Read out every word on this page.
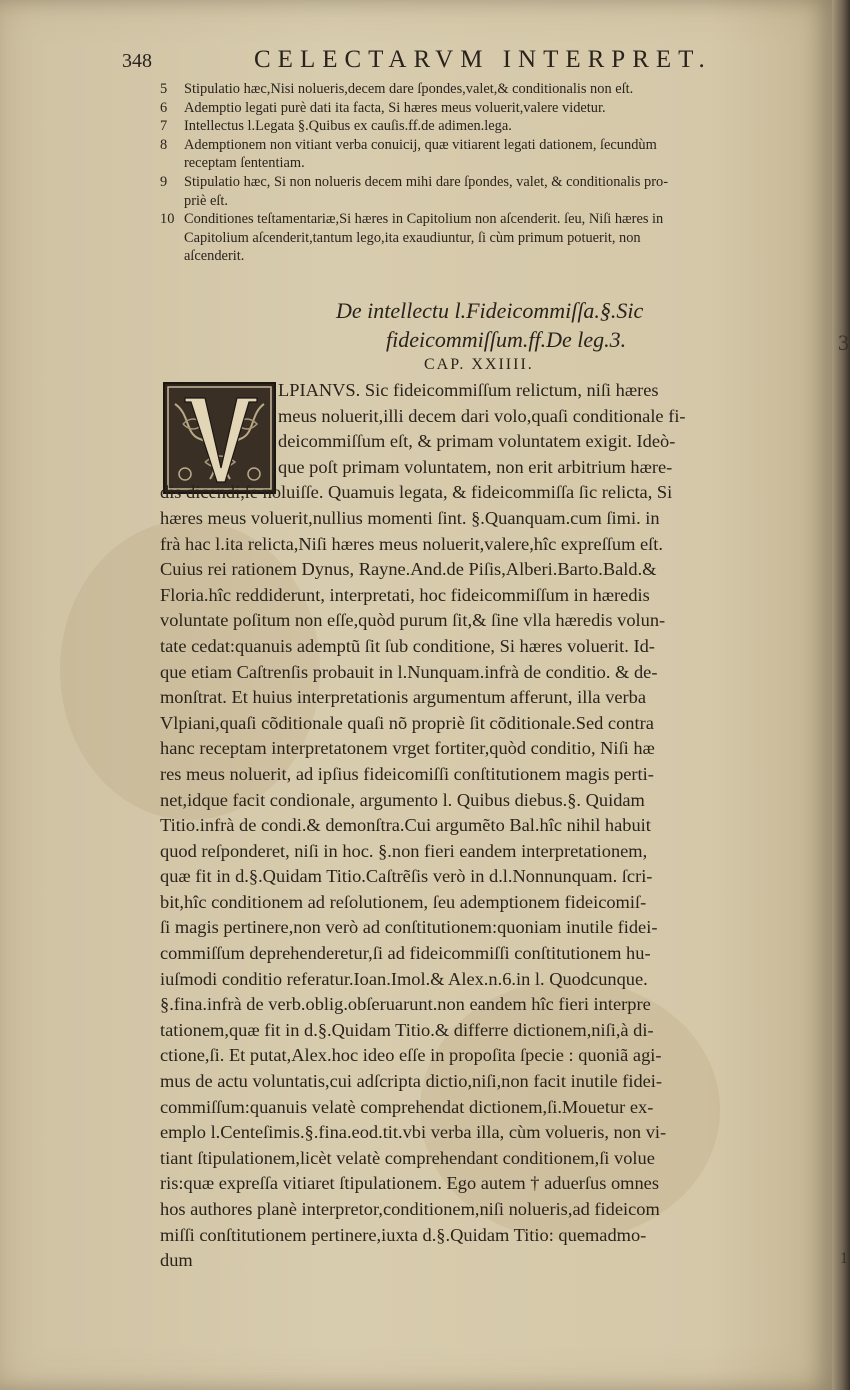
348	CELECTARVM INTERPRET.

5 Stipulatio hæc,Nisi nolueris,decem dare ſpondes,valet,& conditionalis non eſt.

6 Ademptio legati purè dati ita facta, Si hæres meus voluerit,valere videtur.

7 Intellectus l.Legata §.Quibus ex cauſis.ff.de adimen.lega.

8 Ademptionem non vitiant verba conuicij, quæ vitiarent legati dationem, ſecundùm
receptam ſententiam.

9 Stipulatio hæc, Si non nolueris decem mihi dare ſpondes, valet, & conditionalis pro-
priè eſt.

10 Conditiones teſtamentariæ,Si hæres in Capitolium non aſcenderit. ſeu, Niſi hæres in
Capitolium aſcenderit,tantum lego,ita exaudiuntur, ſi cùm primum potuerit, non
aſcenderit.

De intellectu l.Fideicommiſſa.§.Sic
fideicommiſſum.ff.De leg.3.
CAP. XXIIII.
LPIANVS. Sic fideicommiſſum relictum, niſi hæres
meus noluerit,illi decem dari volo,quaſi conditionale fi-
deicommiſſum eſt, & primam voluntatem exigit. Ideò-
que poſt primam voluntatem, non erit arbitrium hære-
dis dicendi,ſe noluiſſe. Quamuis legata, & fideicommiſſa ſic relicta, Si
hæres meus voluerit,nullius momenti ſint. §.Quanquam.cum ſimi. in
frà hac l.ita relicta,Niſi hæres meus noluerit,valere,hîc expreſſum eſt.
Cuius rei rationem Dynus, Rayne.And.de Piſis,Alberi.Barto.Bald.&
Floria.hîc reddiderunt, interpretati, hoc fideicommiſſum in hæredis
voluntate poſitum non eſſe,quòd purum ſit,& ſine vlla hæredis volun-
tate cedat:quanuis ademptũ ſit ſub conditione, Si hæres voluerit. Id-
que etiam Caſtrenſis probauit in l.Nunquam.infrà de conditio. & de-
monſtrat. Et huius interpretationis argumentum afferunt, illa verba
Vlpiani,quaſi cõditionale quaſi nõ propriè ſit cõditionale.Sed contra
hanc receptam interpretatonem vrget fortiter,quòd conditio, Niſi hæ
res meus noluerit, ad ipſius fideicomiſſi conſtitutionem magis perti-
net,idque facit condionale, argumento l. Quibus diebus.§. Quidam
Titio.infrà de condi.& demonſtra.Cui argumẽto Bal.hîc nihil habuit
quod reſponderet, niſi in hoc. §.non fieri eandem interpretationem,
quæ fit in d.§.Quidam Titio.Caſtrẽſis verò in d.l.Nonnunquam. ſcri-
bit,hîc conditionem ad reſolutionem, ſeu ademptionem fideicomiſ-
ſi magis pertinere,non verò ad conſtitutionem:quoniam inutile fidei-
commiſſum deprehenderetur,ſi ad fideicommiſſi conſtitutionem hu-
iuſmodi conditio referatur.Ioan.Imol.& Alex.n.6.in l. Quodcunque.
§.fina.infrà de verb.oblig.obſeruarunt.non eandem hîc fieri interpre
tationem,quæ fit in d.§.Quidam Titio.& differre dictionem,niſi,à di-
ctione,ſi. Et putat,Alex.hoc ideo eſſe in propoſita ſpecie : quoniã agi-
mus de actu voluntatis,cui adſcripta dictio,niſi,non facit inutile fidei-
commiſſum:quanuis velatè comprehendat dictionem,ſi.Mouetur ex-
emplo l.Centeſimis.§.fina.eod.tit.vbi verba illa, cùm volueris, non vi-
tiant ſtipulationem,licèt velatè comprehendant conditionem,ſi volue
ris:quæ expreſſa vitiaret ſtipulationem. Ego autem † aduerſus omnes
hos authores planè interpretor,conditionem,niſi nolueris,ad fideicom
miſſi conſtitutionem pertinere,iuxta d.§.Quidam Titio: quemadmo-
dum
3
1
